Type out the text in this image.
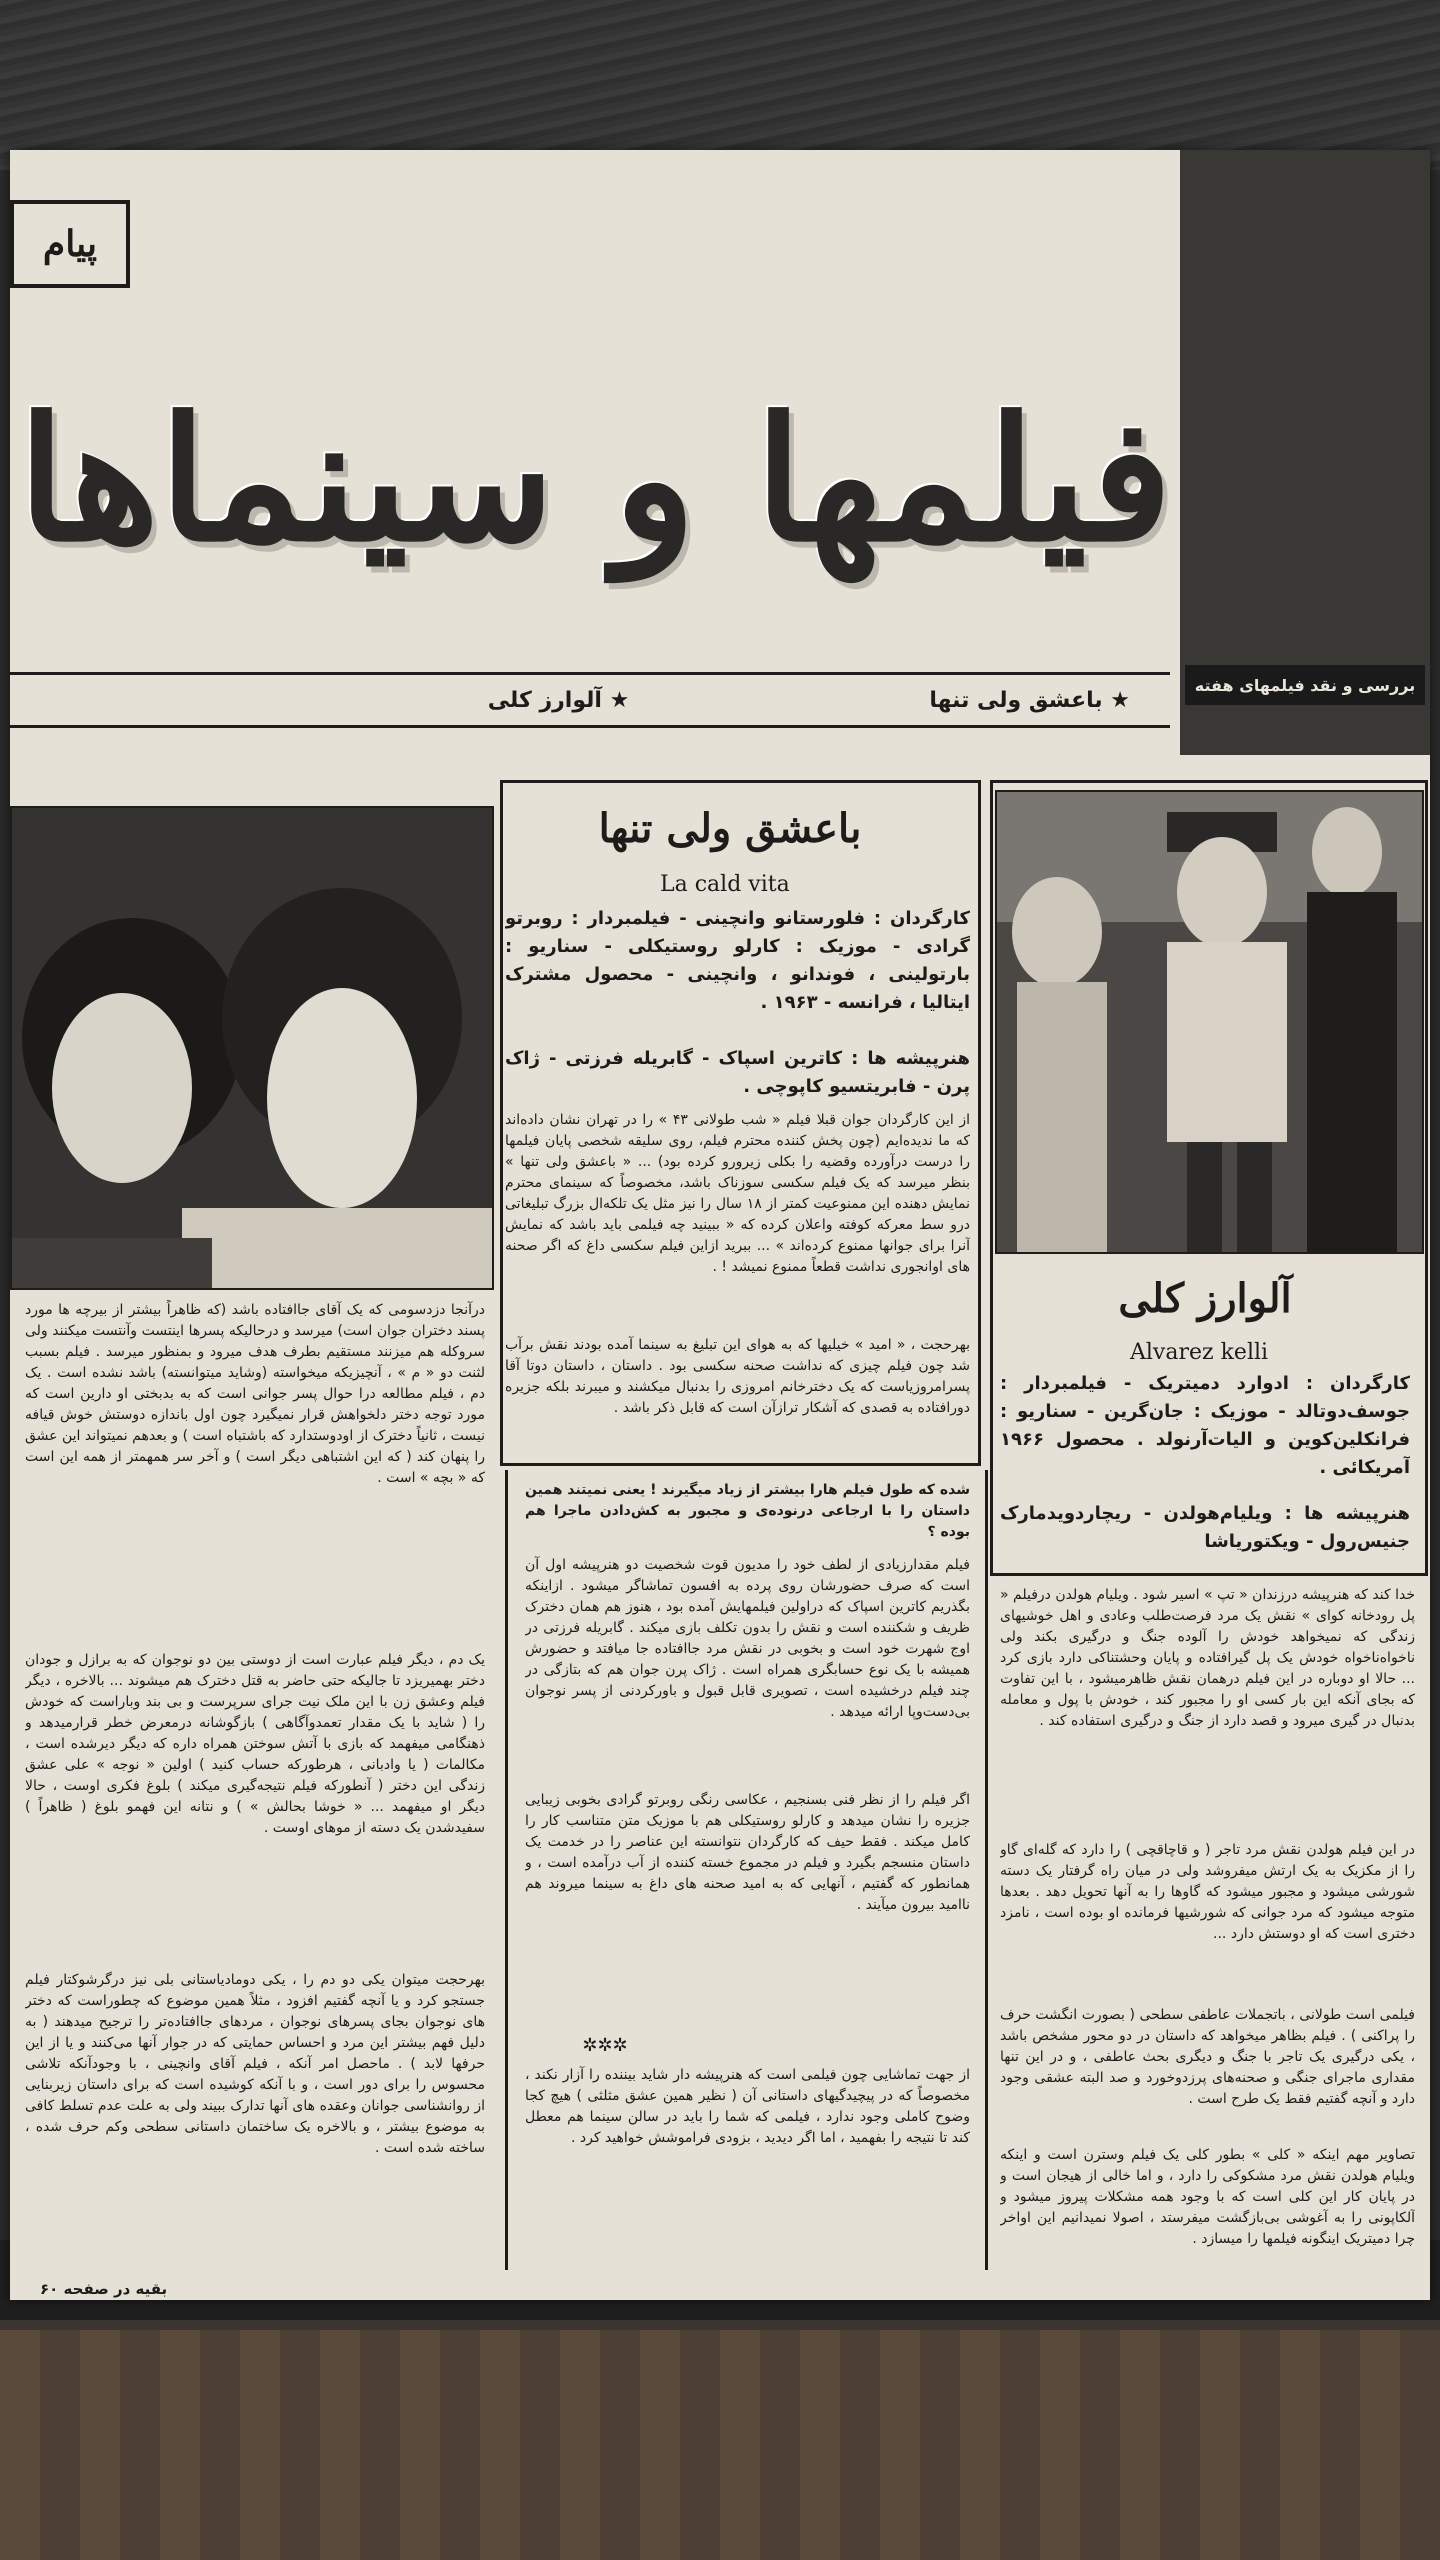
بررسی و نقد فیلمهای هفته
پیام
فیلمها و سینماها
★ باعشق ولی تنها
★ آلوارز کلی
باعشق ولی تنها
La cald vita
کارگردان : فلورستانو وانچینی - فیلمبردار : روبرتو گرادی - موزیک : کارلو روستیکلی - سناریو : بارتولینی ، فوندانو ، وانچینی - محصول مشترک ایتالیا ، فرانسه - ۱۹۶۳ .
هنرپیشه ها : کاترین اسپاک - گابریله فرزتی - ژاک پرن - فابریتسیو کاپوچی .
از این کارگردان جوان قبلا فیلم « شب طولانی ۴۳ » را در تهران نشان داده‌اند که ما ندیده‌ایم (چون پخش کننده محترم فیلم، روی سلیقه شخصی پایان فیلمها را درست درآورده وقضیه را بکلی زیرورو کرده بود) ... « باعشق ولی تنها » بنظر میرسد که یک فیلم سکسی سوزناک باشد، مخصوصاً که سینمای محترم نمایش دهنده این ممنوعیت کمتر از ۱۸ سال را نیز مثل یک تلکه‌ال بزرگ تبلیغاتی درو سط معرکه کوفته واعلان کرده که « ببینید چه فیلمی باید باشد که نمایش آنرا برای جوانها ممنوع کرده‌اند » ... ببرید ازاین فیلم سکسی داغ که اگر صحنه های اوانجوری نداشت قطعاً ممنوع نمیشد ! .
بهرحجت ، « امید » خیلیها که به هوای این تبلیغ به سینما آمده بودند نقش برآب شد چون فیلم چیزی که نداشت صحنه سکسی بود . داستان ، داستان دوتا آقا پسرامروزیاست که یک دخترخانم امروزی را بدنبال میکشند و میبرند بلکه جزیره دورافتاده به قصدی که آشکار ترازآن است که قابل ذکر باشد .
درآنجا دزدسومی که یک آقای جاافتاده باشد (که ظاهراً بیشتر از بیرچه ها مورد پسند دختران جوان است) میرسد و درحالیکه پسرها اینتست وآنتست میکنند ولی سروکله هم میزنند مستقیم بطرف هدف میرود و بمنظور میرسد . فیلم بسبب لثنت دو « م » ، آنچیزیکه میخواسته (وشاید میتوانسته) باشد نشده است . یک دم ، فیلم مطالعه درا حوال پسر جوانی است که به بدبختی او دارین است که مورد توجه دختر دلخواهش قرار نمیگیرد چون اول باندازه دوستش خوش قیافه نیست ، ثانیاً دخترک از اودوستدارد که باشتباه است ) و بعدهم نمیتواند این عشق را پنهان کند ( که این اشتباهی دیگر است ) و آخر سر همهمتر از همه این است که « بچه » است .
یک دم ، دیگر فیلم عبارت است از دوستی بین دو نوجوان که به برازل و جودان دختر بهمیریزد تا جالیکه حتی حاضر به قتل دخترک هم میشوند ... بالاخره ، دیگر فیلم وعشق زن با این ملک نیت جرای سرپرست و بی بند وباراست که خودش را ( شاید با یک مقدار تعمدوآگاهی ) بازگوشانه درمعرض خطر قرارمیدهد و ذهنگامی میفهمد که بازی با آتش سوختن همراه داره که دیگر دیرشده است ، مکالمات ( یا وادبانی ، هرطورکه حساب کنید ) اولین « نوجه » علی عشق زندگی این دختر ( آنطورکه فیلم نتیجه‌گیری میکند ) بلوغ فکری اوست ، حالا دیگر او میفهمد ... « خوشا بحالش » ) و نتانه این فهمو بلوغ ( ظاهراً ) سفیدشدن یک دسته از موهای اوست .
بهرحجت میتوان یکی دو دم را ، یکی دومادیاستانی بلی نیز درگرشوکتار فیلم جستجو کرد و یا آنچه گفتیم افزود ، مثلاً همین موضوع که چطوراست که دختر های نوجوان بجای پسرهای نوجوان ، مردهای جاافتاده‌تر را ترجیح میدهند ( به دلیل فهم بیشتر این مرد و احساس حمایتی که در جوار آنها می‌کنند و یا از این حرفها لابد ) . ماحصل امر آنکه ، فیلم آقای وانچینی ، با وجودآنکه تلاشی محسوس را برای دور است ، و با آنکه کوشیده است که برای داستان زیربنایی از روانشناسی جوانان وعقده های آنها تدارک ببیند ولی به علت عدم تسلط کافی به موضوع بیشتر ، و بالاخره یک ساختمان داستانی سطحی وکم حرف شده ، ساخته شده است .
بقیه در صفحه ۶۰
شده که طول فیلم هارا بیشتر از زیاد میگیرند ! یعنی نمیتند همین داستان را با ارجاعی درنوده‌ی و مجبور به کش‌دادن ماجرا هم بوده ؟
فیلم مقدارزیادی از لطف خود را مدیون قوت شخصیت دو هنرپیشه اول آن است که صرف حضورشان روی پرده به افسون تماشاگر میشود . ازاینکه بگذریم کاترین اسپاک که دراولین فیلمهایش آمده بود ، هنوز هم همان دخترک ظریف و شکننده است و نقش را بدون تکلف بازی میکند . گابریله فرزتی در اوج شهرت خود است و بخوبی در نقش مرد جاافتاده جا میافتد و حضورش همیشه با یک نوع حسابگری همراه است . ژاک پرن جوان هم که بتازگی در چند فیلم درخشیده است ، تصویری قابل قبول و باورکردنی از پسر نوجوان بی‌دست‌وپا ارائه میدهد .
اگر فیلم را از نظر فنی بسنجیم ، عکاسی رنگی روبرتو گرادی بخوبی زیبایی جزیره را نشان میدهد و کارلو روستیکلی هم با موزیک متن متناسب کار را کامل میکند . فقط حیف که کارگردان نتوانسته این عناصر را در خدمت یک داستان منسجم بگیرد و فیلم در مجموع خسته کننده از آب درآمده است ، و همانطور که گفتیم ، آنهایی که به امید صحنه های داغ به سینما میروند هم ناامید بیرون میآیند .
✲✲✲
از جهت تماشایی چون فیلمی است که هنرپیشه دار شاید بیننده را آزار نکند ، مخصوصاً که در پیچیدگیهای داستانی آن ( نظیر همین عشق مثلثی ) هیچ کجا وضوح کاملی وجود ندارد ، فیلمی که شما را باید در سالن سینما هم معطل کند تا نتیجه را بفهمید ، اما اگر دیدید ، بزودی فراموشش خواهید کرد .
آلوارز کلی
Alvarez kelli
کارگردان : ادوارد دمیتریک - فیلمبردار : جوسف‌دوتالد - موزیک : جان‌گرین - سناریو : فرانکلین‌کوین و الیات‌آرنولد . محصول ۱۹۶۶ آمریکائی .
هنرپیشه ها : ویلیام‌هولدن - ریچاردویدمارک جنیس‌رول - ویکتوریاشا
خدا کند که هنرپیشه درزندان « تپ » اسیر شود . ویلیام هولدن درفیلم « پل رودخانه کوای » نقش یک مرد فرصت‌طلب وعادی و اهل خوشیهای زندگی که نمیخواهد خودش را آلوده جنگ و درگیری بکند ولی ناخواه‌ناخواه خودش یک پل گیرافتاده و پایان وحشتناکی دارد بازی کرد ... حالا او دوباره در این فیلم درهمان نقش ظاهرمیشود ، با این تفاوت که بجای آنکه این بار کسی او را مجبور کند ، خودش با پول و معامله بدنبال در گیری میرود و قصد دارد از جنگ و درگیری استفاده کند .
در این فیلم هولدن نقش مرد تاجر ( و قاچاقچی ) را دارد که گله‌ای گاو را از مکزیک به یک ارتش میفروشد ولی در میان راه گرفتار یک دسته شورشی میشود و مجبور میشود که گاوها را به آنها تحویل دهد . بعدها متوجه میشود که مرد جوانی که شورشیها فرمانده او بوده است ، نامزد دختری است که او دوستش دارد ...
فیلمی است طولانی ، باتجملات عاطفی سطحی ( بصورت انگشت حرف را پراکنی ) . فیلم بظاهر میخواهد که داستان در دو محور مشخص باشد ، یکی درگیری یک تاجر با جنگ و دیگری بحث عاطفی ، و در این تنها مقداری ماجرای جنگی و صحنه‌های پرزدوخورد و صد البته عشقی وجود دارد و آنچه گفتیم فقط یک طرح است .
تصاویر مهم اینکه « کلی » بطور کلی یک فیلم وسترن است و اینکه ویلیام هولدن نقش مرد مشکوکی را دارد ، و اما خالی از هیجان است و در پایان کار این کلی است که با وجود همه مشکلات پیروز میشود و آلکاپونی را به آغوشی بی‌بازگشت میفرستد ، اصولا نمیدانیم این اواخر چرا دمیتریک اینگونه فیلمها را میسازد .
